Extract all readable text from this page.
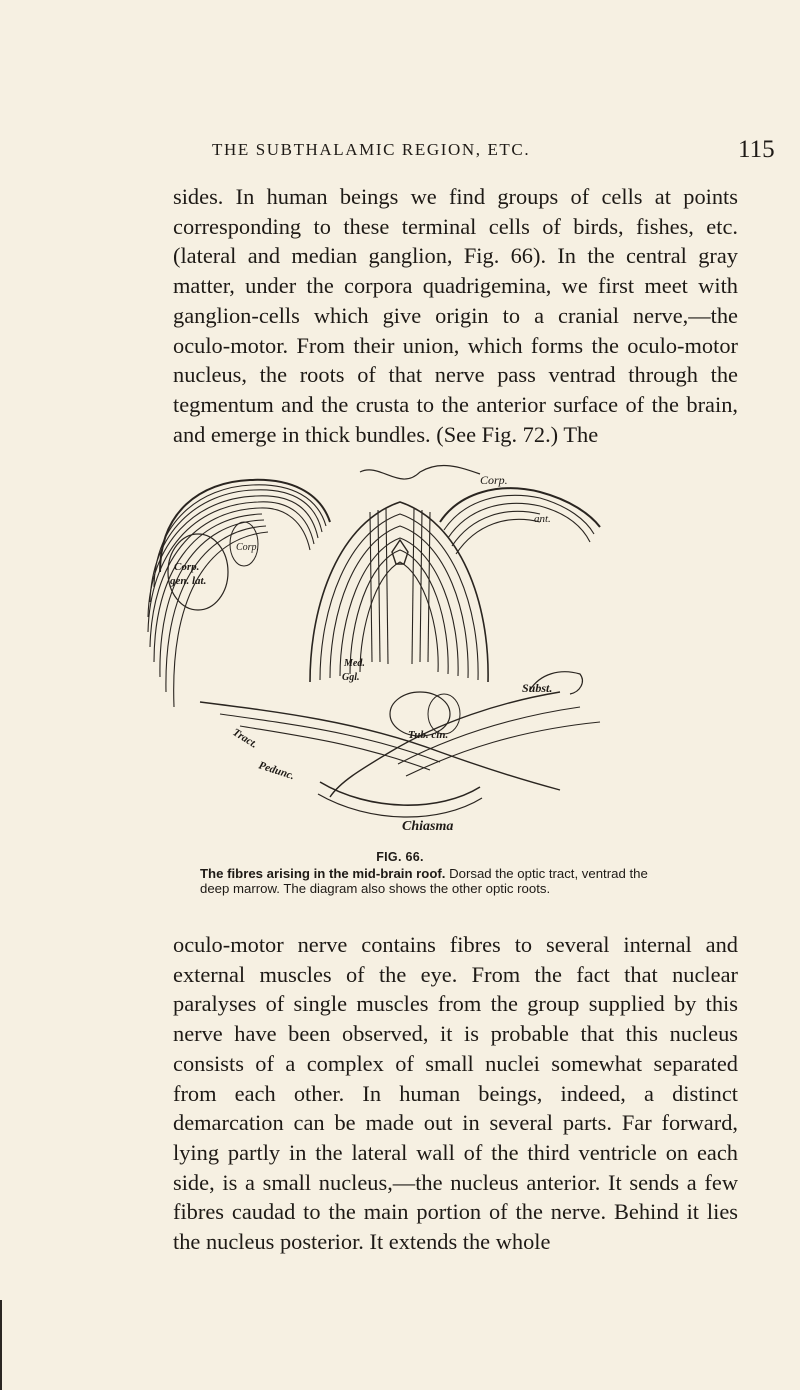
THE SUBTHALAMIC REGION, ETC.	115

sides. In human beings we find groups of cells at points corresponding to these terminal cells of birds, fishes, etc. (lateral and median ganglion, Fig. 66). In the central gray matter, under the corpora quadrigemina, we first meet with ganglion-cells which give origin to a cranial nerve,—the oculo-motor. From their union, which forms the oculo-motor nucleus, the roots of that nerve pass ventrad through the tegmentum and the crusta to the anterior surface of the brain, and emerge in thick bundles. (See Fig. 72.) The

Corp.
ant.
Corp.
gen. lat.
Corp.
Med.
Ggl.
Tub. cin.
Subst.
Tract.
Chiasma
Pedunc.
FIG. 66.

The fibres arising in the mid-brain roof. Dorsad the optic tract, ventrad the deep marrow. The diagram also shows the other optic roots.

oculo-motor nerve contains fibres to several internal and external muscles of the eye. From the fact that nuclear paralyses of single muscles from the group supplied by this nerve have been observed, it is probable that this nucleus consists of a complex of small nuclei somewhat separated from each other. In human beings, indeed, a distinct demarcation can be made out in several parts. Far forward, lying partly in the lateral wall of the third ventricle on each side, is a small nucleus,—the nucleus anterior. It sends a few fibres caudad to the main portion of the nerve. Behind it lies the nucleus posterior. It extends the whole
